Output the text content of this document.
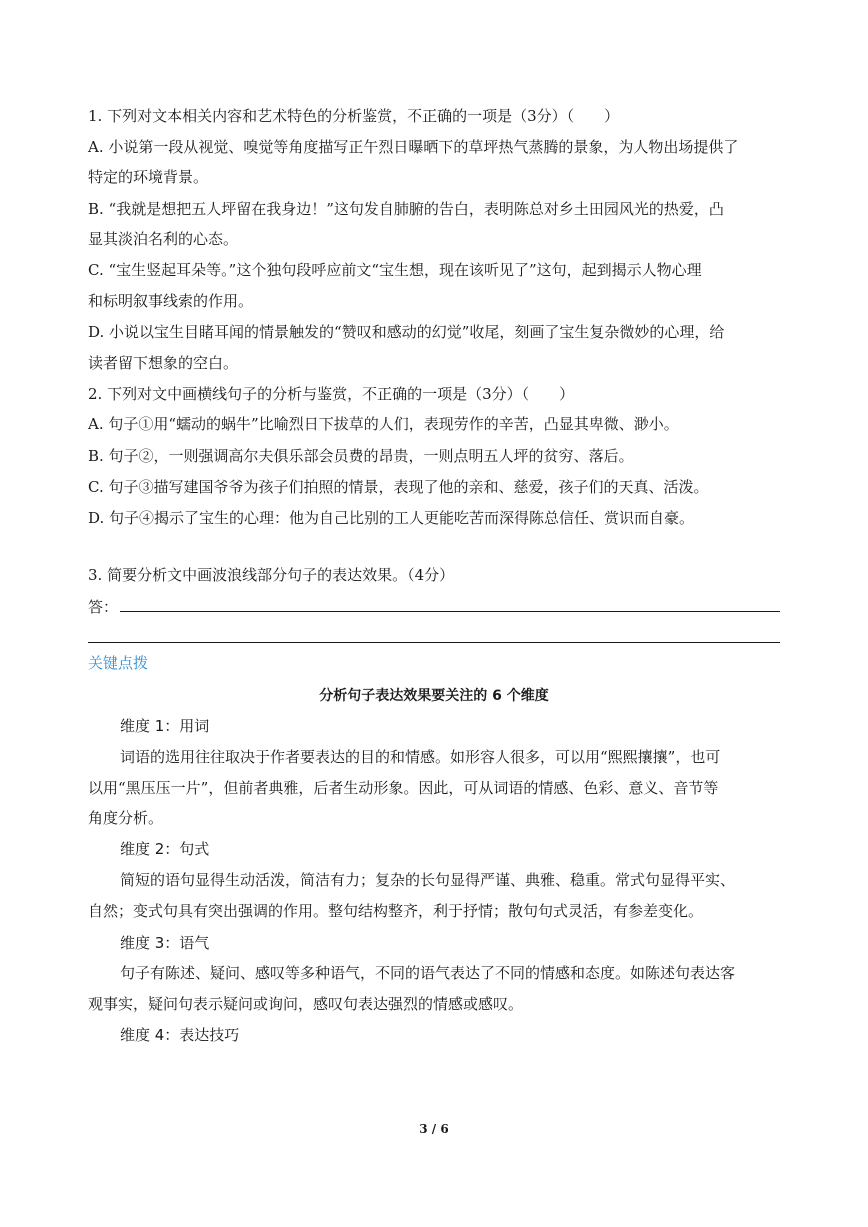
1. 下列对文本相关内容和艺术特色的分析鉴赏，不正确的一项是（3分）（　　）
A. 小说第一段从视觉、嗅觉等角度描写正午烈日曝晒下的草坪热气蒸腾的景象，为人物出场提供了
特定的环境背景。
B. “我就是想把五人坪留在我身边！”这句发自肺腑的告白，表明陈总对乡土田园风光的热爱，凸
显其淡泊名利的心态。
C. “宝生竖起耳朵等。”这个独句段呼应前文“宝生想，现在该听见了”这句，起到揭示人物心理
和标明叙事线索的作用。
D. 小说以宝生目睹耳闻的情景触发的“赞叹和感动的幻觉”收尾，刻画了宝生复杂微妙的心理，给
读者留下想象的空白。
2. 下列对文中画横线句子的分析与鉴赏，不正确的一项是（3分）（　　）
A. 句子①用“蠕动的蜗牛”比喻烈日下拔草的人们，表现劳作的辛苦，凸显其卑微、渺小。
B. 句子②，一则强调高尔夫俱乐部会员费的昂贵，一则点明五人坪的贫穷、落后。
C. 句子③描写建国爷爷为孩子们拍照的情景，表现了他的亲和、慈爱，孩子们的天真、活泼。
D. 句子④揭示了宝生的心理：他为自己比别的工人更能吃苦而深得陈总信任、赏识而自豪。
3. 简要分析文中画波浪线部分句子的表达效果。（4分）
答：
关键点拨
分析句子表达效果要关注的 6 个维度
维度 1：用词
词语的选用往往取决于作者要表达的目的和情感。如形容人很多，可以用“熙熙攘攘”，也可
以用“黑压压一片”，但前者典雅，后者生动形象。因此，可从词语的情感、色彩、意义、音节等
角度分析。
维度 2：句式
简短的语句显得生动活泼，简洁有力；复杂的长句显得严谨、典雅、稳重。常式句显得平实、
自然；变式句具有突出强调的作用。整句结构整齐，利于抒情；散句句式灵活，有参差变化。
维度 3：语气
句子有陈述、疑问、感叹等多种语气，不同的语气表达了不同的情感和态度。如陈述句表达客
观事实，疑问句表示疑问或询问，感叹句表达强烈的情感或感叹。
维度 4：表达技巧
3 / 6
